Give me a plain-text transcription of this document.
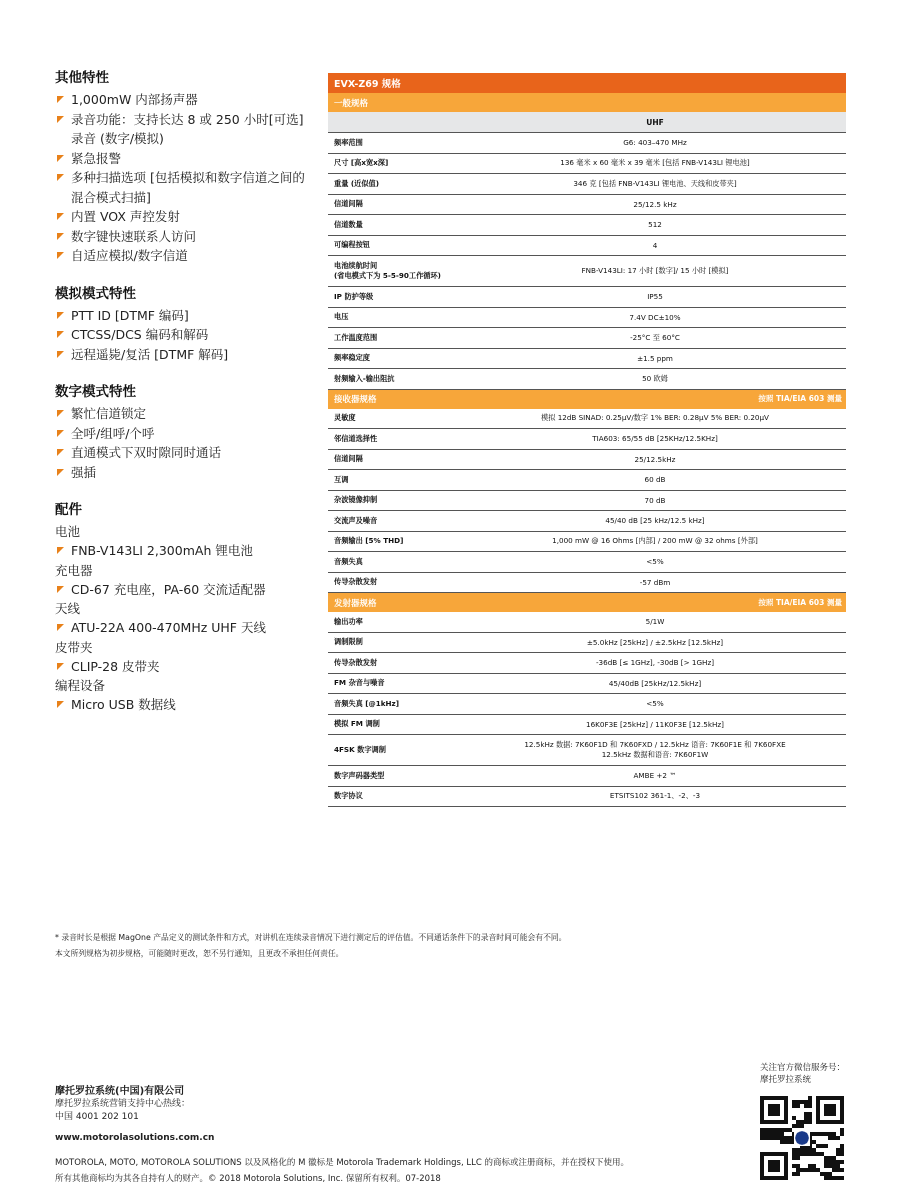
其他特性
1,000mW 内部扬声器
录音功能：支持长达 8 或 250 小时[可选]录音 (数字/模拟)
紧急报警
多种扫描选项 [包括模拟和数字信道之间的混合模式扫描]
内置 VOX 声控发射
数字键快速联系人访问
自适应模拟/数字信道
模拟模式特性
PTT ID [DTMF 编码]
CTCSS/DCS 编码和解码
远程遥毙/复活 [DTMF 解码]
数字模式特性
繁忙信道锁定
全呼/组呼/个呼
直通模式下双时隙同时通话
强插
配件
电池
FNB-V143LI 2,300mAh 锂电池
充电器
CD-67 充电座，PA-60 交流适配器
天线
ATU-22A 400-470MHz UHF 天线
皮带夹
CLIP-28 皮带夹
编程设备
Micro USB 数据线
EVX-Z69 规格	
一般规格	
	UHF
频率范围	G6: 403–470 MHz
尺寸 [高x宽x深]	136 毫米 x 60 毫米 x 39 毫米 [包括 FNB-V143LI 锂电池]
重量 (近似值)	346 克 [包括 FNB-V143LI 锂电池、天线和皮带夹]
信道间隔	25/12.5 kHz
信道数量	512
可编程按钮	4
电池续航时间
(省电模式下为 5-5-90工作循环)	FNB-V143LI: 17 小时 [数字]/ 15 小时 [模拟]
IP 防护等级	IP55
电压	7.4V DC±10%
工作温度范围	-25°C 至 60°C
频率稳定度	±1.5 ppm
射频输入-输出阻抗	50 欧姆
接收器规格 按照 TIA/EIA 603 测量	

灵敏度	模拟 12dB SINAD: 0.25μV/数字 1% BER: 0.28μV 5% BER: 0.20μV
邻信道选择性	TIA603: 65/55 dB [25KHz/12.5KHz]
信道间隔	25/12.5kHz
互调	60 dB
杂波镜像抑制	70 dB
交流声及噪音	45/40 dB [25 kHz/12.5 kHz]
音频输出 [5% THD]	1,000 mW @ 16 Ohms [内部] / 200 mW @ 32 ohms [外部]
音频失真	<5%
传导杂散发射	-57 dBm
发射器规格 按照 TIA/EIA 603 测量	

输出功率	5/1W
调制限制	±5.0kHz [25kHz] / ±2.5kHz [12.5kHz]
传导杂散发射	-36dB [≤ 1GHz], -30dB [> 1GHz]
FM 杂音与噪音	45/40dB [25kHz/12.5kHz]
音频失真 [@1kHz]	<5%
模拟 FM 调制	16K0F3E [25kHz] / 11K0F3E [12.5kHz]
4FSK 数字调制	12.5kHz 数据: 7K60F1D 和 7K60FXD / 12.5kHz 语音: 7K60F1E 和 7K60FXE
12.5kHz 数据和语音: 7K60F1W
数字声码器类型	AMBE +2 ™
数字协议	ETSITS102 361-1、-2、-3
* 录音时长是根据 MagOne 产品定义的测试条件和方式，对讲机在连续录音情况下进行测定后的评估值。不同通话条件下的录音时间可能会有不同。
本文所列规格为初步规格，可能随时更改，恕不另行通知，且更改不承担任何责任。
摩托罗拉系统(中国)有限公司
摩托罗拉系统营销支持中心热线：
中国 4001 202 101
www.motorolasolutions.com.cn
MOTOROLA, MOTO, MOTOROLA SOLUTIONS 以及风格化的 M 徽标是 Motorola Trademark Holdings, LLC 的商标或注册商标，并在授权下使用。
所有其他商标均为其各自持有人的财产。© 2018 Motorola Solutions, Inc. 保留所有权利。07-2018
关注官方微信服务号：
摩托罗拉系统
